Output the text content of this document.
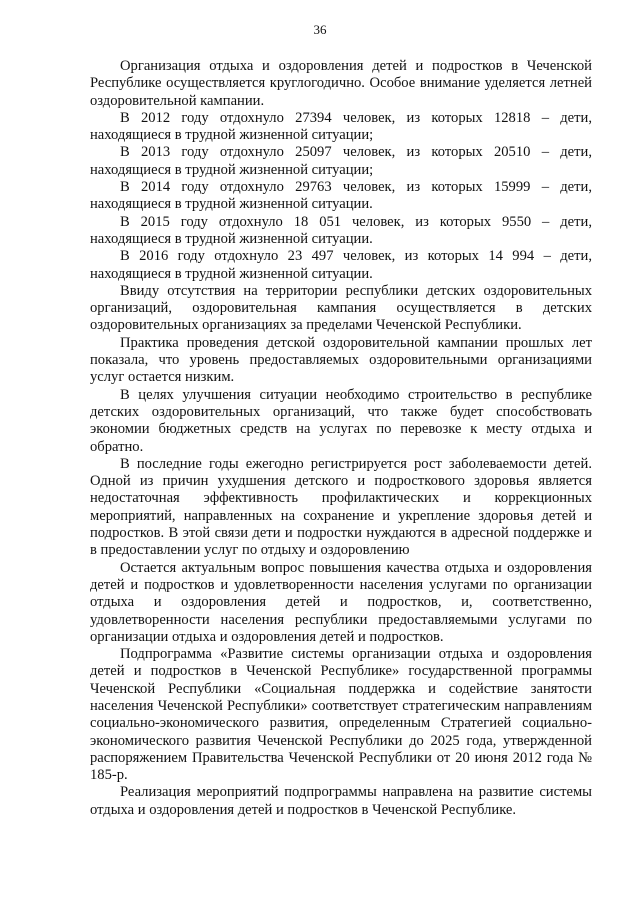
36

Организация отдыха и оздоровления детей и подростков в Чеченской Республике осуществляется круглогодично. Особое внимание уделяется летней оздоровительной кампании.

В 2012 году отдохнуло 27394 человек, из которых 12818 – дети, находящиеся в трудной жизненной ситуации;

В 2013 году отдохнуло 25097 человек, из которых 20510 – дети, находящиеся в трудной жизненной ситуации;

В 2014 году отдохнуло 29763 человек, из которых 15999 – дети, находящиеся в трудной жизненной ситуации.

В 2015 году отдохнуло 18 051 человек, из которых 9550 – дети, находящиеся в трудной жизненной ситуации.

В 2016 году отдохнуло 23 497 человек, из которых 14 994 – дети, находящиеся в трудной жизненной ситуации.

Ввиду отсутствия на территории республики детских оздоровительных организаций, оздоровительная кампания осуществляется в детских оздоровительных организациях за пределами Чеченской Республики.

Практика проведения детской оздоровительной кампании прошлых лет показала, что уровень предоставляемых оздоровительными организациями услуг остается низким.

В целях улучшения ситуации необходимо строительство в республике детских оздоровительных организаций, что также будет способствовать экономии бюджетных средств на услугах по перевозке к месту отдыха и обратно.

В последние годы ежегодно регистрируется рост заболеваемости детей. Одной из причин ухудшения детского и подросткового здоровья является недостаточная эффективность профилактических и коррекционных мероприятий, направленных на сохранение и укрепление здоровья детей и подростков. В этой связи дети и подростки нуждаются в адресной поддержке и в предоставлении услуг по отдыху и оздоровлению

Остается актуальным вопрос повышения качества отдыха и оздоровления детей и подростков и удовлетворенности населения услугами по организации отдыха и оздоровления детей и подростков, и, соответственно, удовлетворенности населения республики предоставляемыми услугами по организации отдыха и оздоровления детей и подростков.

Подпрограмма «Развитие системы организации отдыха и оздоровления детей и подростков в Чеченской Республике» государственной программы Чеченской Республики «Социальная поддержка и содействие занятости населения Чеченской Республики» соответствует стратегическим направлениям социально-экономического развития, определенным Стратегией социально-экономического развития Чеченской Республики до 2025 года, утвержденной распоряжением Правительства Чеченской Республики от 20 июня 2012 года № 185-р.

Реализация мероприятий подпрограммы направлена на развитие системы отдыха и оздоровления детей и подростков в Чеченской Республике.
